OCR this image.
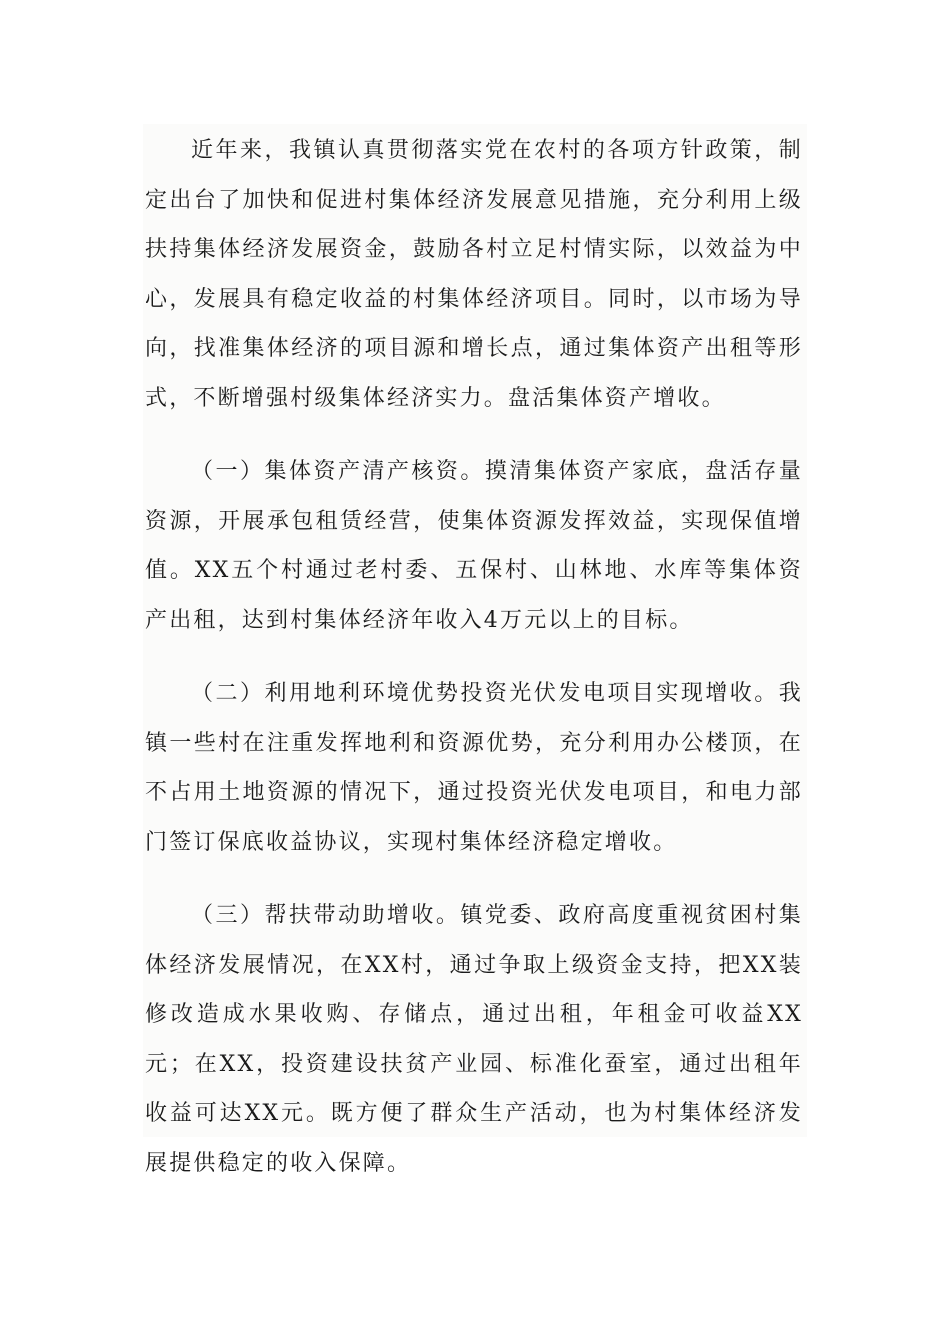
近年来，我镇认真贯彻落实党在农村的各项方针政策，制定出台了加快和促进村集体经济发展意见措施，充分利用上级扶持集体经济发展资金，鼓励各村立足村情实际，以效益为中心，发展具有稳定收益的村集体经济项目。同时，以市场为导向，找准集体经济的项目源和增长点，通过集体资产出租等形式，不断增强村级集体经济实力。盘活集体资产增收。

（一）集体资产清产核资。摸清集体资产家底，盘活存量资源，开展承包租赁经营，使集体资源发挥效益，实现保值增值。XX五个村通过老村委、五保村、山林地、水库等集体资产出租，达到村集体经济年收入4万元以上的目标。

（二）利用地利环境优势投资光伏发电项目实现增收。我镇一些村在注重发挥地利和资源优势，充分利用办公楼顶，在不占用土地资源的情况下，通过投资光伏发电项目，和电力部门签订保底收益协议，实现村集体经济稳定增收。

（三）帮扶带动助增收。镇党委、政府高度重视贫困村集体经济发展情况，在XX村，通过争取上级资金支持，把XX装修改造成水果收购、存储点，通过出租，年租金可收益XX元；在XX，投资建设扶贫产业园、标准化蚕室，通过出租年收益可达XX元。既方便了群众生产活动，也为村集体经济发展提供稳定的收入保障。
